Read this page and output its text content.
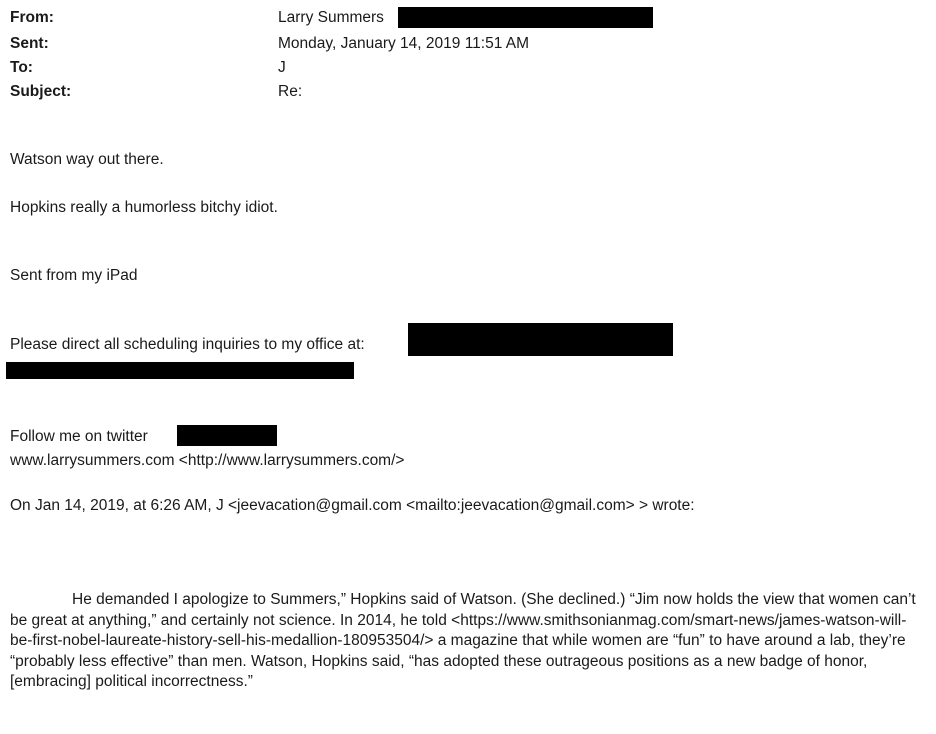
From:	Larry Summers
Sent:	Monday, January 14, 2019 11:51 AM
To:	J
Subject:	Re:
Watson way out there.
Hopkins really a humorless bitchy idiot.
Sent from my iPad
Please direct all scheduling inquiries to my office at:
Follow me on twitter
www.larrysummers.com <http://www.larrysummers.com/>
On Jan 14, 2019, at 6:26 AM, J <jeevacation@gmail.com <mailto:jeevacation@gmail.com> > wrote:
He demanded I apologize to Summers,” Hopkins said of Watson. (She declined.) “Jim now holds the view that women can’t be great at anything,” and certainly not science. In 2014, he told <https://www.smithsonianmag.com/smart-news/james-watson-will-be-first-nobel-laureate-history-sell-his-medallion-180953504/> a magazine that while women are “fun” to have around a lab, they’re “probably less effective” than men. Watson, Hopkins said, “has adopted these outrageous positions as a new badge of honor, [embracing] political incorrectness.”
